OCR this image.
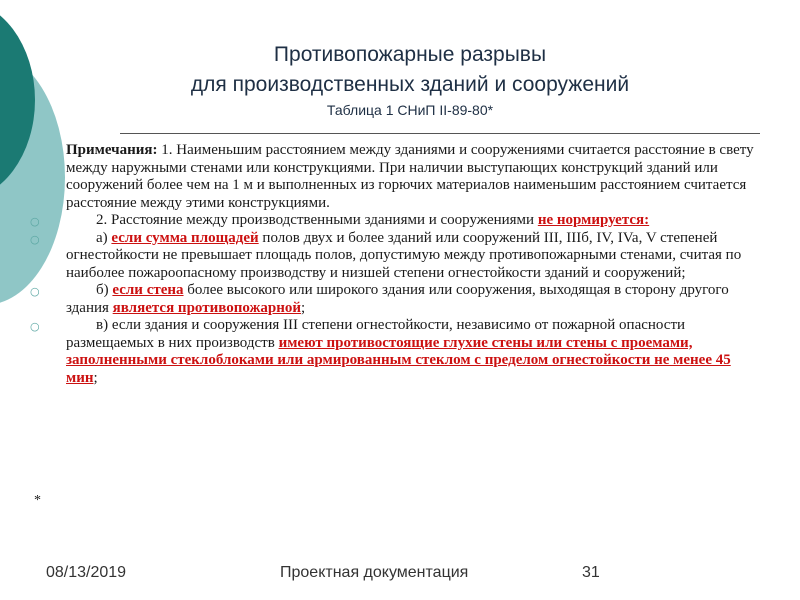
Противопожарные разрывы
для производственных зданий и сооружений
Таблица 1 СНиП II-89-80*

Примечания: 1. Наименьшим расстоянием между зданиями и сооружениями считается расстояние в свету между наружными стенами или конструкциями. При наличии выступающих конструкций зданий или сооружений более чем на 1 м и выполненных из горючих материалов наименьшим расстоянием считается расстояние между этими конструкциями.

○	2. Расстояние между производственными зданиями и сооружениями не нормируется:

○	а) если сумма площадей полов двух и более зданий или сооружений III, IIIб, IV, IVa, V степеней огнестойкости не превышает площадь полов, допустимую между противопожарными стенами, считая по наиболее пожароопасному производству и низшей степени огнестойкости зданий и сооружений;

○	б) если стена более высокого или широкого здания или сооружения, выходящая в сторону другого здания является противопожарной;

○	в) если здания и сооружения III степени огнестойкости, независимо от пожарной опасности размещаемых в них производств имеют противостоящие глухие стены или стены с проемами, заполненными стеклоблоками или армированным стеклом с пределом огнестойкости не менее 45 мин;

*
08/13/2019	Проектная документация	31
